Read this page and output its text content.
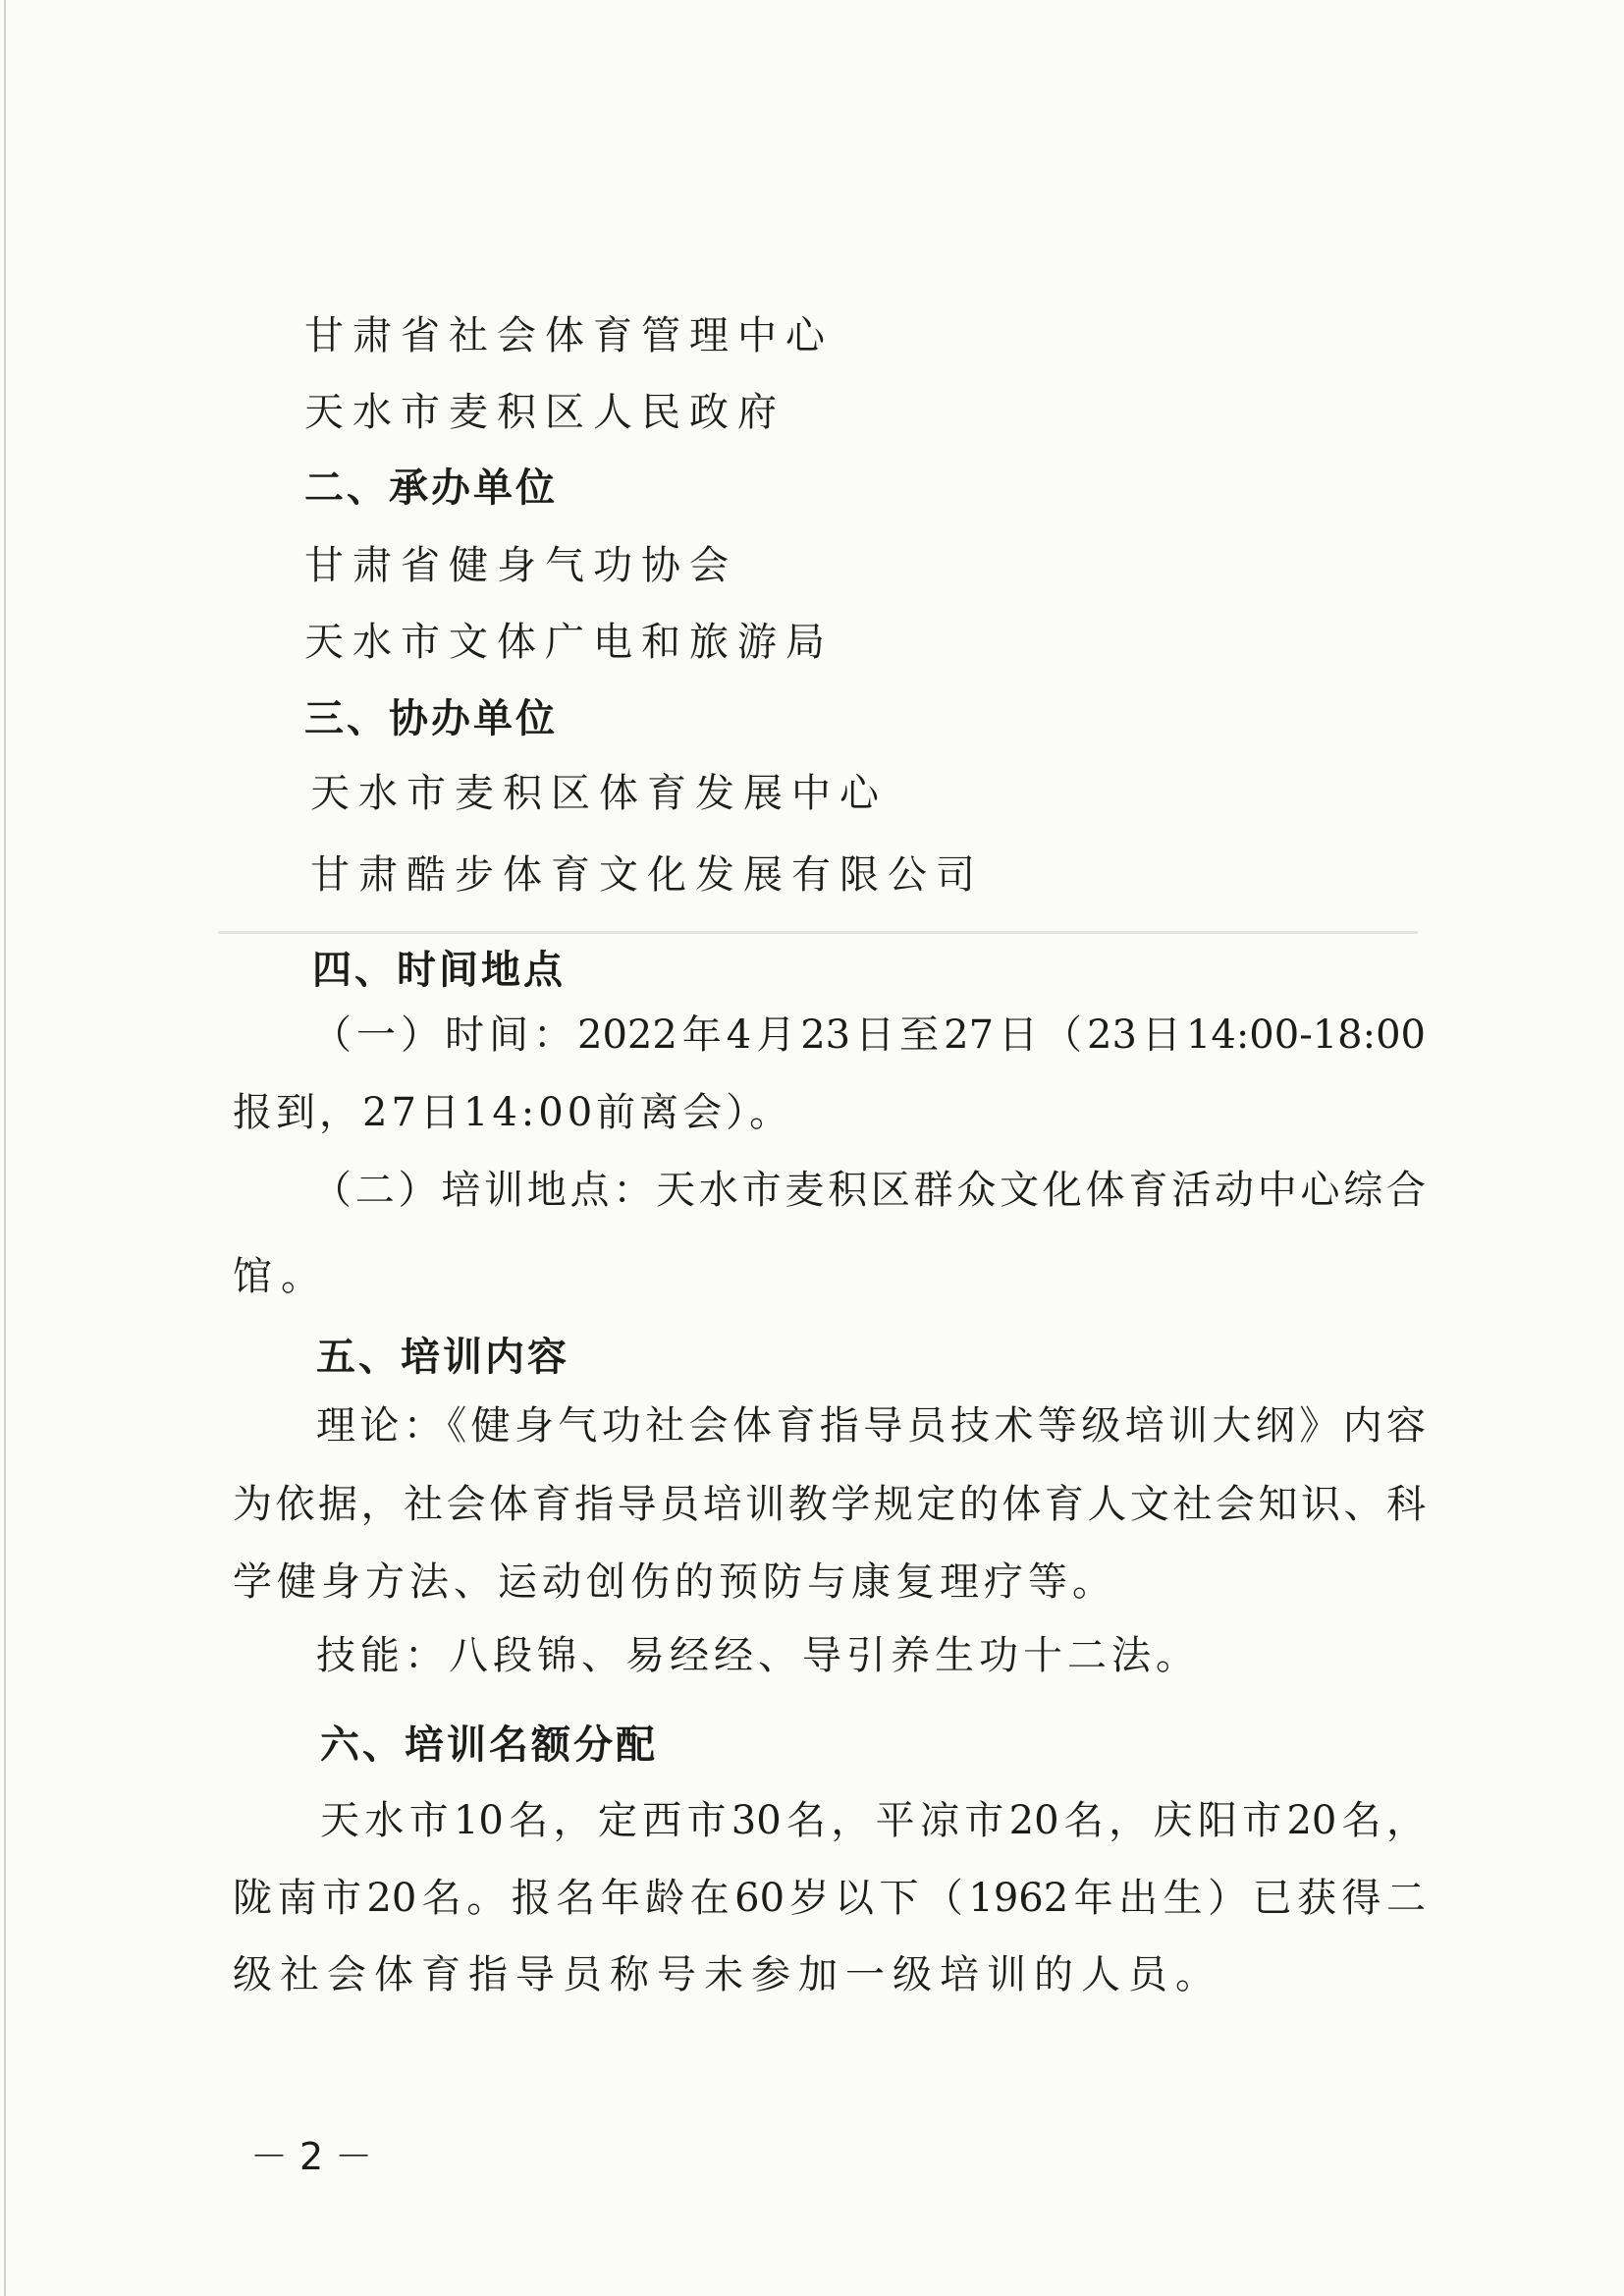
甘肃省社会体育管理中心
天水市麦积区人民政府
二、承办单位
甘肃省健身气功协会
天水市文体广电和旅游局
三、协办单位
天水市麦积区体育发展中心
甘肃酷步体育文化发展有限公司
四、时间地点
（一）时间：2022年4月23日至27日（23日14:00-18:00
报到，27日14:00前离会）。
（二）培训地点：天水市麦积区群众文化体育活动中心综合
馆。
五、培训内容
理论：《健身气功社会体育指导员技术等级培训大纲》内容
为依据，社会体育指导员培训教学规定的体育人文社会知识、科
学健身方法、运动创伤的预防与康复理疗等。
技能：八段锦、易经经、导引养生功十二法。
六、培训名额分配
天水市10名，定西市30名，平凉市20名，庆阳市20名，
陇南市20名。报名年龄在60岁以下（1962年出生）已获得二
级社会体育指导员称号未参加一级培训的人员。
－2－
